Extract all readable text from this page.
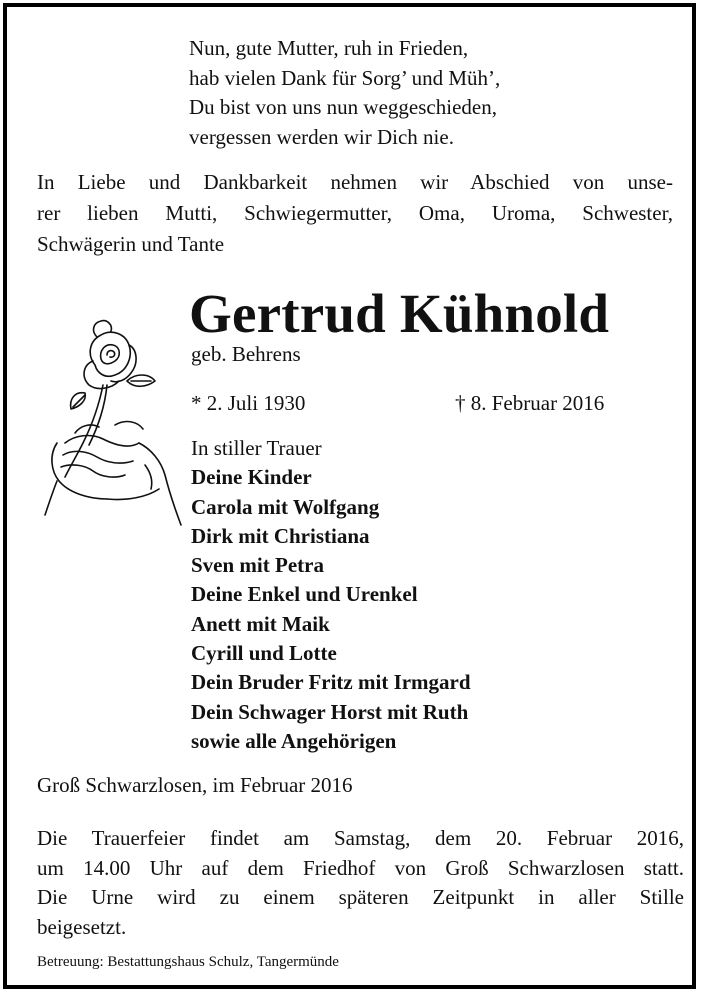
Nun, gute Mutter, ruh in Frieden,
hab vielen Dank für Sorg’ und Müh’,
Du bist von uns nun weggeschieden,
vergessen werden wir Dich nie.
In Liebe und Dankbarkeit nehmen wir Abschied von unse-
rer lieben Mutti, Schwiegermutter, Oma, Uroma, Schwester,
Schwägerin und Tante
Gertrud Kühnold
geb. Behrens
* 2. Juli 1930	† 8. Februar 2016
In stiller Trauer
Deine Kinder
Carola mit Wolfgang
Dirk mit Christiana
Sven mit Petra
Deine Enkel und Urenkel
Anett mit Maik
Cyrill und Lotte
Dein Bruder Fritz mit Irmgard
Dein Schwager Horst mit Ruth
sowie alle Angehörigen
Groß Schwarzlosen, im Februar 2016
Die Trauerfeier findet am Samstag, dem 20. Februar 2016,
um 14.00 Uhr auf dem Friedhof von Groß Schwarzlosen statt.
Die Urne wird zu einem späteren Zeitpunkt in aller Stille
beigesetzt.
Betreuung: Bestattungshaus Schulz, Tangermünde
